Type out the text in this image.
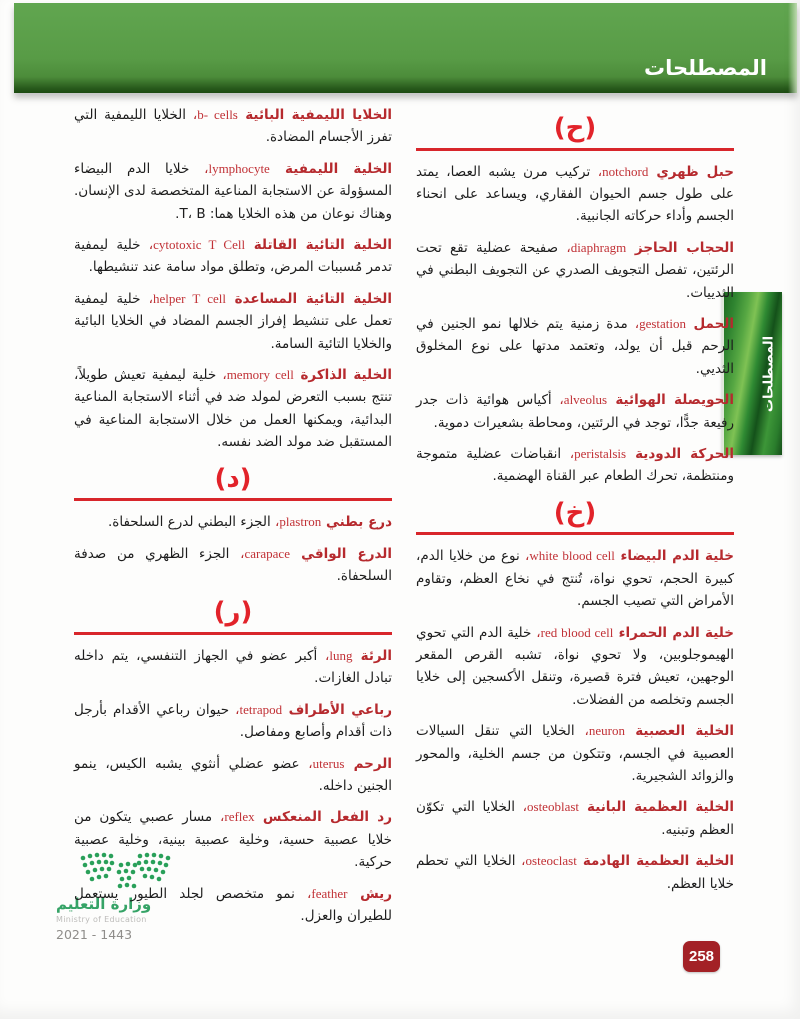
المصطلحات
المصطلحات
(ح)

حبل ظهري notchord، تركيب مرن يشبه العصا، يمتد على طول جسم الحيوان الفقاري، ويساعد على انحناء الجسم وأداء حركاته الجانبية.

الحجاب الحاجز diaphragm، صفيحة عضلية تقع تحت الرئتين، تفصل التجويف الصدري عن التجويف البطني في الثدييات.

الحمل gestation، مدة زمنية يتم خلالها نمو الجنين في الرحم قبل أن يولد، وتعتمد مدتها على نوع المخلوق الثديي.

الحويصلة الهوائية alveolus، أكياس هوائية ذات جدر رفيعة جدًّا، توجد في الرئتين، ومحاطة بشعيرات دموية.

الحركة الدودية peristalsis، انقباضات عضلية متموجة ومنتظمة، تحرك الطعام عبر القناة الهضمية.

(خ)

خلية الدم البيضاء white blood cell، نوع من خلايا الدم، كبيرة الحجم، تحوي نواة، تُنتج في نخاع العظم، وتقاوم الأمراض التي تصيب الجسم.

خلية الدم الحمراء red blood cell، خلية الدم التي تحوي الهيموجلوبين، ولا تحوي نواة، تشبه القرص المقعر الوجهين، تعيش فترة قصيرة، وتنقل الأكسجين إلى خلايا الجسم وتخلصه من الفضلات.

الخلية العصبية neuron، الخلايا التي تنقل السيالات العصبية في الجسم، وتتكون من جسم الخلية، والمحور والزوائد الشجيرية.

الخلية العظمية البانية osteoblast، الخلايا التي تكوّن العظم وتبنيه.

الخلية العظمية الهادمة osteoclast، الخلايا التي تحطم خلايا العظم.

الخلايا الليمفية البائية b- cells، الخلايا الليمفية التي تفرز الأجسام المضادة.

الخلية الليمفية lymphocyte، خلايا الدم البيضاء المسؤولة عن الاستجابة المناعية المتخصصة لدى الإنسان. وهناك نوعان من هذه الخلايا هما: T، B.

الخلية التائية القاتلة cytotoxic T Cell، خلية ليمفية تدمر مُسببات المرض، وتطلق مواد سامة عند تنشيطها.

الخلية التائية المساعدة helper T cell، خلية ليمفية تعمل على تنشيط إفراز الجسم المضاد في الخلايا البائية والخلايا التائية السامة.

الخلية الذاكرة memory cell، خلية ليمفية تعيش طويلاً، تنتج بسبب التعرض لمولد ضد في أثناء الاستجابة المناعية البدائية، ويمكنها العمل من خلال الاستجابة المناعية في المستقبل ضد مولد الضد نفسه.

(د)

درع بطني plastron، الجزء البطني لدرع السلحفاة.

الدرع الواقي carapace، الجزء الظهري من صدفة السلحفاة.

(ر)

الرئة lung، أكبر عضو في الجهاز التنفسي، يتم داخله تبادل الغازات.

رباعي الأطراف tetrapod، حيوان رباعي الأقدام بأرجل ذات أقدام وأصابع ومفاصل.

الرحم uterus، عضو عضلي أنثوي يشبه الكيس، ينمو الجنين داخله.

رد الفعل المنعكس reflex، مسار عصبي يتكون من خلايا عصبية حسية، وخلية عصبية بينية، وخلية عصبية حركية.

ريش feather، نمو متخصص لجلد الطيور يستعمل للطيران والعزل.

وزارة التعليم
Ministry of Education
2021 - 1443
258
